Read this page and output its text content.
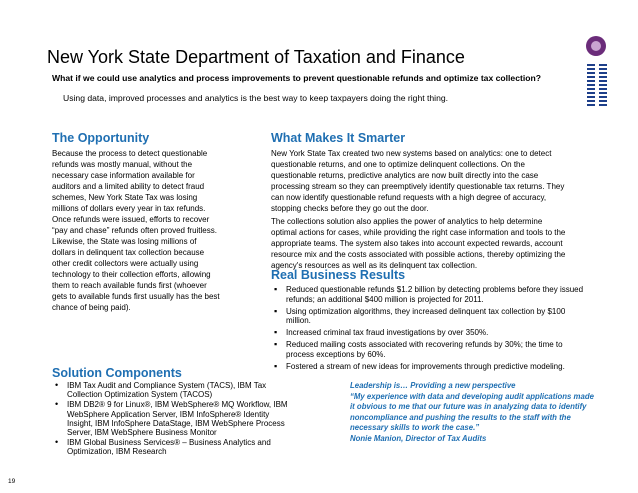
New York State Department of Taxation and Finance
What if we could use analytics and process improvements to prevent questionable refunds and optimize tax collection?
Using data, improved processes and analytics is the best way to keep taxpayers doing the right thing.
The Opportunity
Because the process to detect questionable
refunds was mostly manual, without the
necessary case information available for
auditors and a limited ability to detect fraud
schemes, New York State Tax was losing
millions of dollars every year in tax refunds.
Once refunds were issued, efforts to recover
“pay and chase” refunds often proved fruitless.
Likewise, the State was losing millions of
dollars in delinquent tax collection because
other credit collectors were actually using
technology to their collection efforts, allowing
them to reach available funds first (whoever
gets to available funds first usually has the best
chance of being paid).
What Makes It Smarter
New York State Tax created two new systems based on analytics: one to detect
questionable returns, and one to optimize delinquent collections. On the
questionable returns, predictive analytics are now built directly into the case
processing stream so they can preemptively identify questionable tax returns. They
can now identify questionable refund requests with a high degree of accuracy,
stopping checks before they go out the door.
The collections solution also applies the power of analytics to help determine
optimal actions for cases, while providing the right case information and tools to the
appropriate teams. The system also takes into account expected rewards, account
resource mix and the costs associated with possible actions, thereby optimizing the
agency's resources as well as its delinquent tax collection.
Real Business Results
▪ Reduced questionable refunds $1.2 billion by detecting problems before they issued
refunds; an additional $400 million is projected for 2011.
▪ Using optimization algorithms, they increased delinquent tax collection by $100
million.
▪ Increased criminal tax fraud investigations by over 350%.
▪ Reduced mailing costs associated with recovering refunds by 30%; the time to
process exceptions by 60%.
▪ Fostered a stream of new ideas for improvements through predictive modeling.
Solution Components
• IBM Tax Audit and Compliance System (TACS), IBM Tax
Collection Optimization System (TACOS)
• IBM DB2® 9 for Linux®, IBM WebSphere® MQ Workflow, IBM
WebSphere Application Server, IBM InfoSphere® Identity
Insight, IBM InfoSphere DataStage, IBM WebSphere Process
Server, IBM WebSphere Business Monitor
• IBM Global Business Services® – Business Analytics and
Optimization, IBM Research
Leadership is… Providing a new perspective
“My experience with data and developing audit applications made
it obvious to me that our future was in analyzing data to identify
noncompliance and pushing the results to the staff with the
necessary skills to work the case.”
Nonie Manion, Director of Tax Audits
19
